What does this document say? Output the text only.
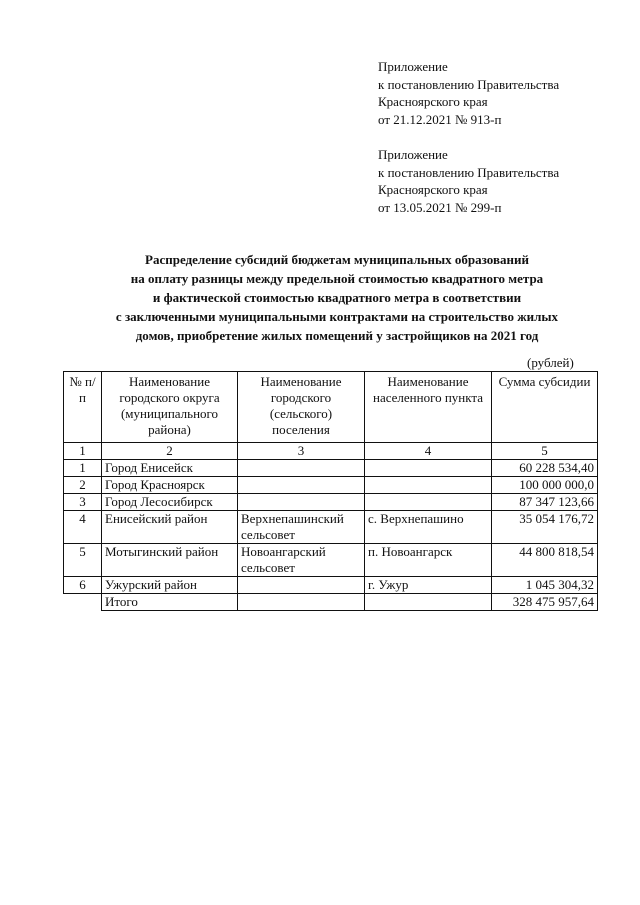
Приложение
к постановлению Правительства
Красноярского края
от 21.12.2021 № 913-п
Приложение
к постановлению Правительства
Красноярского края
от 13.05.2021 № 299-п
Распределение субсидий бюджетам муниципальных образований
на оплату разницы между предельной стоимостью квадратного метра
и фактической стоимостью квадратного метра в соответствии
с заключенными муниципальными контрактами на строительство жилых
домов, приобретение жилых помещений у застройщиков на 2021 год
(рублей)
№ п/п	Наименование городского округа (муниципального района)	Наименование городского (сельского) поселения	Наименование населенного пункта	Сумма субсидии
1	2	3	4	5
1	Город Енисейск			60 228 534,40
2	Город Красноярск			100 000 000,0
3	Город Лесосибирск			87 347 123,66
4	Енисейский район	Верхнепашинский сельсовет	с. Верхнепашино	35 054 176,72
5	Мотыгинский район	Новоангарский сельсовет	п. Новоангарск	44 800 818,54
6	Ужурский район		г. Ужур	1 045 304,32
	Итого			328 475 957,64
